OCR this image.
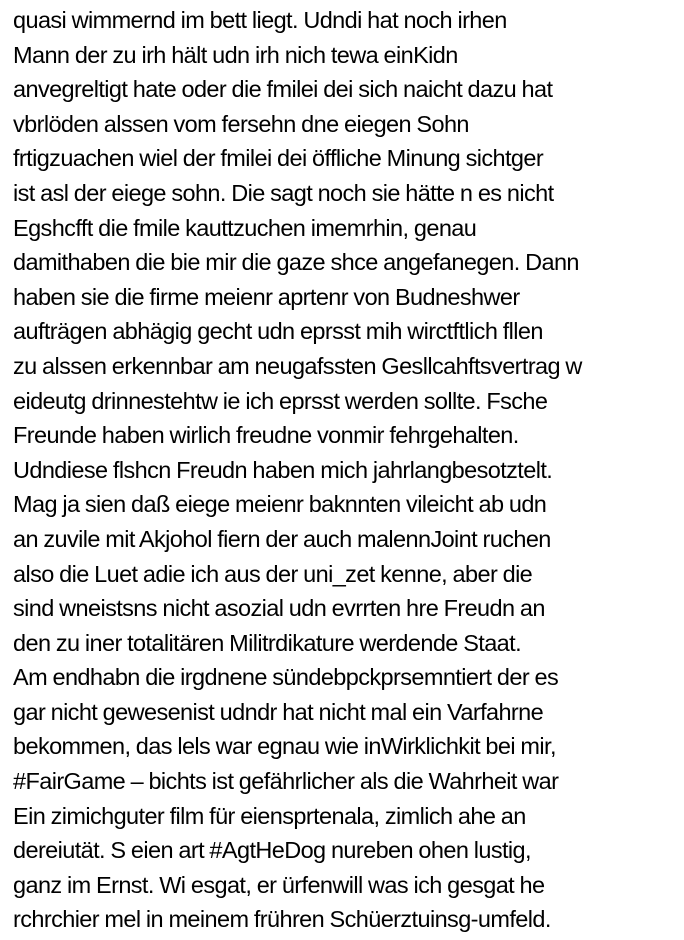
quasi wimmernd im bett liegt. Udndi hat noch irhen
Mann der zu irh hält udn irh nich tewa einKidn
anvegreltigt hate oder die fmilei dei sich naicht dazu hat
vbrlöden alssen vom fersehn dne eiegen Sohn
frtigzuachen wiel der fmilei dei öffliche Minung sichtger
ist asl der eiege sohn. Die sagt noch sie hätte n es nicht
Egshcfft die fmile kauttzuchen imemrhin, genau
damithaben die bie mir die gaze shce angefanegen. Dann
haben sie die firme meienr aprtenr von Budneshwer
aufträgen abhägig gecht udn eprsst mih wirctftlich fllen
zu alssen erkennbar am neugafssten Gesllcahftsvertrag w
eideutg drinnestehtw ie ich eprsst werden sollte. Fsche
Freunde haben wirlich freudne vonmir fehrgehalten.
Udndiese flshcn Freudn haben mich jahrlangbesotztelt.
Mag ja sien daß eiege meienr baknnten vileicht ab udn
an zuvile mit Akjohol fiern der auch malennJoint ruchen
also die Luet adie ich aus der uni_zet kenne, aber die
sind wneistsns nicht asozial udn evrrten hre Freudn an
den zu iner totalitären Militrdikature werdende Staat.
Am endhabn die irgdnene sündebpckprsemntiert der es
gar nicht gewesenist udndr hat nicht mal ein Varfahrne
bekommen, das lels war egnau wie inWirklichkit bei mir,
#FairGame – bichts ist gefährlicher als die Wahrheit war
Ein zimichguter film für eiensprtenala, zimlich ahe an
dereiutät. S eien art #AgtHeDog nureben ohen lustig,
ganz im Ernst. Wi esgat, er ürfenwill was ich gesgat he
rchrchier mel in meinem frühren Schüerztuinsg-umfeld.
